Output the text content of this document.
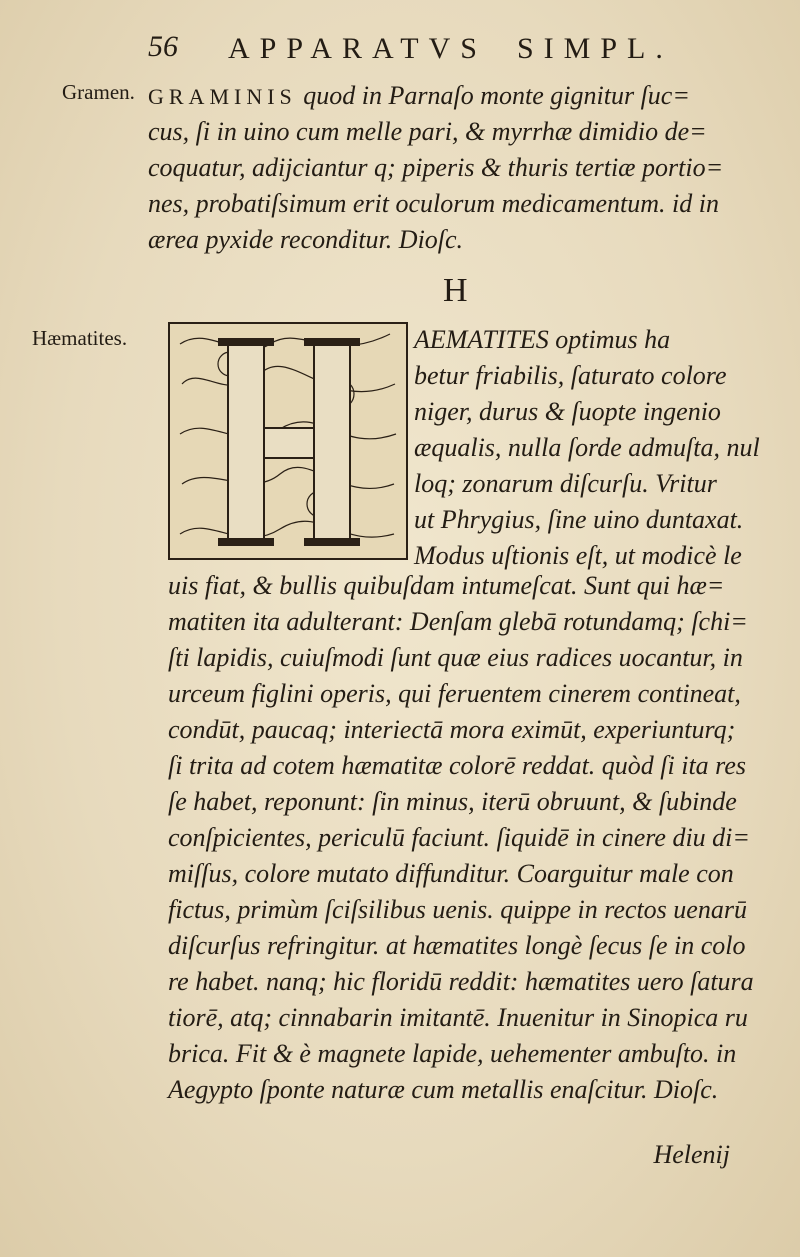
56 APPARATVS SIMPL.
Gramen.
Hæmatites.
GRAMINIS quod in Parnaſo monte gignitur ſuc=
cus, ſi in uino cum melle pari, & myrrhæ dimidio de=
coquatur, adijciantur q; piperis & thuris tertiæ portio=
nes, probatiſsimum erit oculorum medicamentum. id in
ærea pyxide reconditur. Dioſc.
H
AEMATITES optimus ha
betur friabilis, ſaturato colore
niger, durus & ſuopte ingenio
æqualis, nulla ſorde admuſta, nul
loq; zonarum diſcurſu. Vritur
ut Phrygius, ſine uino duntaxat.
Modus uſtionis eſt, ut modicè le
uis fiat, & bullis quibuſdam intumeſcat. Sunt qui hæ=
matiten ita adulterant: Denſam glebā rotundamq; ſchi=
ſti lapidis, cuiuſmodi ſunt quæ eius radices uocantur, in
urceum figlini operis, qui feruentem cinerem contineat,
condūt, paucaq; interiectā mora eximūt, experiunturq;
ſi trita ad cotem hæmatitæ colorē reddat. quòd ſi ita res
ſe habet, reponunt: ſin minus, iterū obruunt, & ſubinde
conſpicientes, periculū faciunt. ſiquidē in cinere diu di=
miſſus, colore mutato diffunditur. Coarguitur male con
fictus, primùm ſciſsilibus uenis. quippe in rectos uenarū
diſcurſus refringitur. at hæmatites longè ſecus ſe in colo
re habet. nanq; hic floridū reddit: hæmatites uero ſatura
tiorē, atq; cinnabarin imitantē. Inuenitur in Sinopica ru
brica. Fit & è magnete lapide, uehementer ambuſto. in
Aegypto ſponte naturæ cum metallis enaſcitur. Dioſc.
Helenij
